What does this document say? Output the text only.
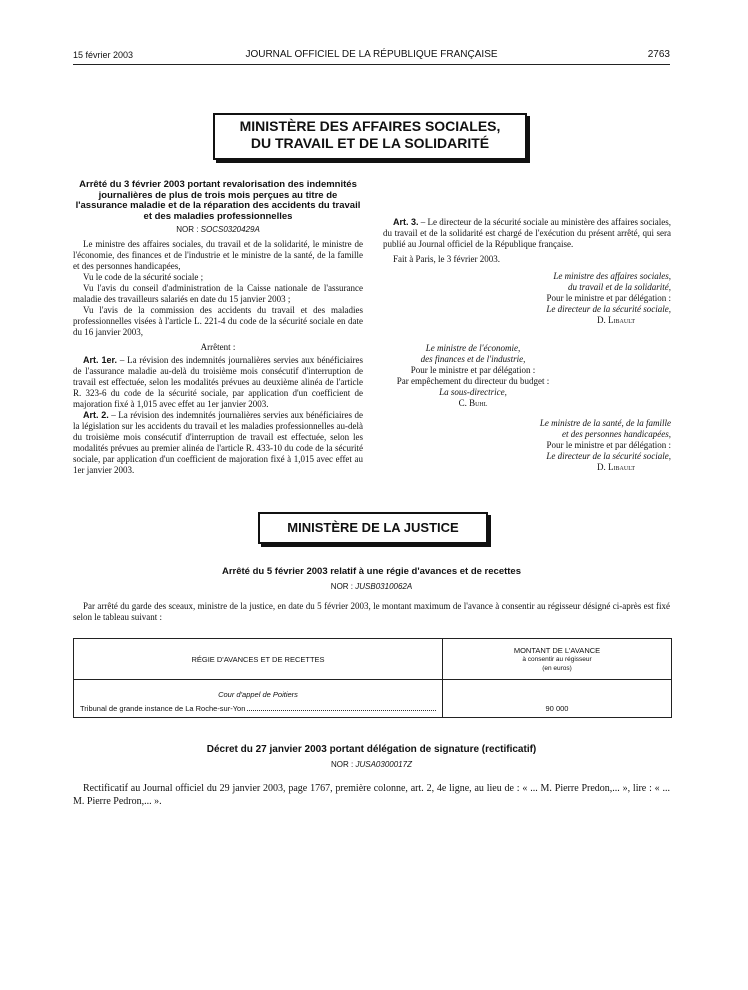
15 février 2003	JOURNAL OFFICIEL DE LA RÉPUBLIQUE FRANÇAISE	2763
MINISTÈRE DES AFFAIRES SOCIALES,
DU TRAVAIL ET DE LA SOLIDARITÉ
Arrêté du 3 février 2003 portant revalorisation des indemnités journalières de plus de trois mois perçues au titre de l'assurance maladie et de la réparation des accidents du travail et des maladies professionnelles
NOR : SOCS0320429A

Le ministre des affaires sociales, du travail et de la solidarité, le ministre de l'économie, des finances et de l'industrie et le ministre de la santé, de la famille et des personnes handicapées,

Vu le code de la sécurité sociale ;

Vu l'avis du conseil d'administration de la Caisse nationale de l'assurance maladie des travailleurs salariés en date du 15 janvier 2003 ;

Vu l'avis de la commission des accidents du travail et des maladies professionnelles visées à l'article L. 221-4 du code de la sécurité sociale en date du 16 janvier 2003,

Arrêtent :

Art. 1er. – La révision des indemnités journalières servies aux bénéficiaires de l'assurance maladie au-delà du troisième mois consécutif d'interruption de travail est effectuée, selon les modalités prévues au deuxième alinéa de l'article R. 323-6 du code de la sécurité sociale, par application d'un coefficient de majoration fixé à 1,015 avec effet au 1er janvier 2003.

Art. 2. – La révision des indemnités journalières servies aux bénéficiaires de la législation sur les accidents du travail et les maladies professionnelles au-delà du troisième mois consécutif d'interruption de travail est effectuée, selon les modalités prévues au premier alinéa de l'article R. 433-10 du code de la sécurité sociale, par application d'un coefficient de majoration fixé à 1,015 avec effet au 1er janvier 2003.

Art. 3. – Le directeur de la sécurité sociale au ministère des affaires sociales, du travail et de la solidarité est chargé de l'exécution du présent arrêté, qui sera publié au Journal officiel de la République française.

Fait à Paris, le 3 février 2003.

Le ministre des affaires sociales,
du travail et de la solidarité,
Pour le ministre et par délégation :
Le directeur de la sécurité sociale,
D. Libault
Le ministre de l'économie,
des finances et de l'industrie,
Pour le ministre et par délégation :
Par empêchement du directeur du budget :
La sous-directrice,
C. Buhl
Le ministre de la santé, de la famille
et des personnes handicapées,
Pour le ministre et par délégation :
Le directeur de la sécurité sociale,
D. Libault
MINISTÈRE DE LA JUSTICE
Arrêté du 5 février 2003 relatif à une régie d'avances et de recettes
NOR : JUSB0310062A
Par arrêté du garde des sceaux, ministre de la justice, en date du 5 février 2003, le montant maximum de l'avance à consentir au régisseur désigné ci-après est fixé selon le tableau suivant :
RÉGIE D'AVANCES ET DE RECETTES	MONTANT DE L'AVANCE
à consentir au régisseur
(en euros)

Cour d'appel de Poitiers
Tribunal de grande instance de La Roche-sur-Yon	90 000
Décret du 27 janvier 2003 portant délégation de signature (rectificatif)
NOR : JUSA0300017Z
Rectificatif au Journal officiel du 29 janvier 2003, page 1767, première colonne, art. 2, 4e ligne, au lieu de : « ... M. Pierre Predon,... », lire : « ... M. Pierre Pedron,... ».
